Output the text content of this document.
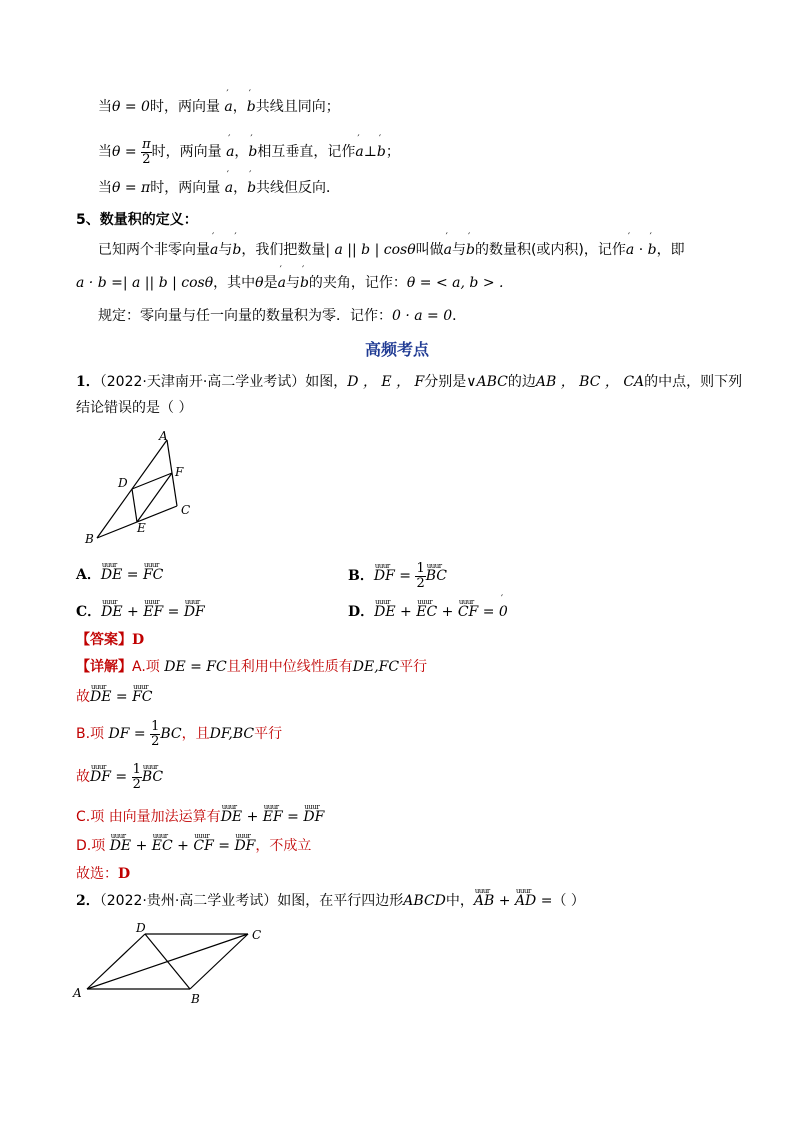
当θ = 0时，两向量 ′ a，′ b共线且同向；
当$\theta = \frac{\pi}{2}$ 时，两向量 ′ a，′ b相互垂直，记作′ a⊥′ b；
当θ = π时，两向量 ′ a，′ b共线但反向．
5、数量积的定义：
已知两个非零向量′ a与′ b，我们把数量| a || b | cosθ叫做′ a与′ b的数量积(或内积)，记作′ a · ′ b，即
a · b =| a || b | cosθ，其中θ是′ a与′ b的夹角，记作：θ = < a, b > .
规定：零向量与任一向量的数量积为零．记作：0 · a = 0．
高频考点
1．（2022·天津南开·高二学业考试）如图，D ， E ， F分别是∨ABC的边AB ， BC ， CA的中点，则下列
结论错误的是（ ）
A
B
C
D
E
F
A．uuur DE = uuur FC	B．uuur DF = $\frac{1}{2}$ uuur BC
C．uuur DE + uuur EF = uuur DF	D．uuur DE + uuur EC + uuur CF = ′ 0
【答案】D
【详解】A.项 DE = FC且利用中位线性质有DE,FC平行
故uuur DE = uuur FC
B.项 DF = $\frac{1}{2}$ BC，且DF,BC平行
故uuur DF = $\frac{1}{2}$ uuur BC
C.项 由向量加法运算有uuur DE + uuur EF = uuur DF
D.项 uuur DE + uuur EC + uuur CF = uuur DF，不成立
故选：D
2．（2022·贵州·高二学业考试）如图，在平行四边形ABCD中，uuur AB + uuur AD =（ ）
A	B
C
D
